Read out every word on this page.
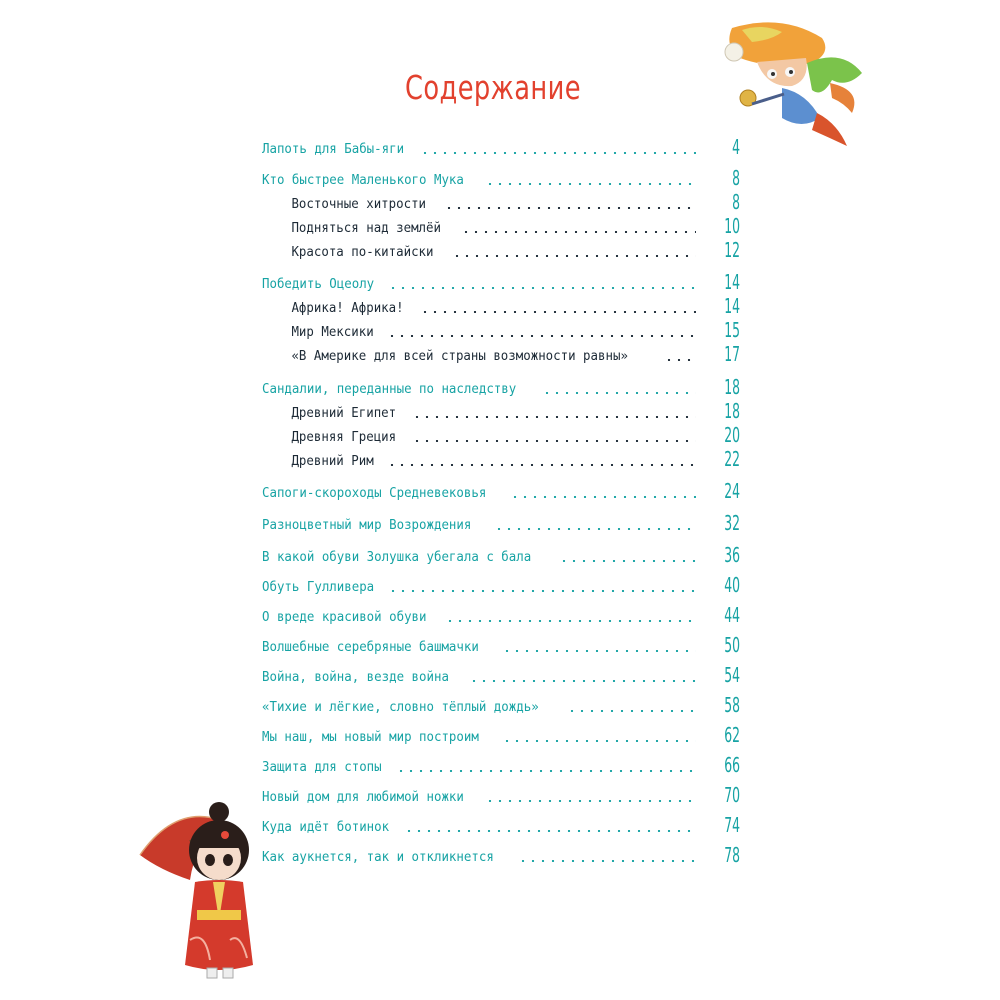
Содержание
Лапоть для Бабы-яги	4
Кто быстрее Маленького Мука	8
Восточные хитрости	8
Подняться над землёй	10
Красота по-китайски	12
Победить Оцеолу	14
Африка! Африка!	14
Мир Мексики	15
«В Америке для всей страны возможности равны»	17
Сандалии, переданные по наследству	18
Древний Египет	18
Древняя Греция	20
Древний Рим	22
Сапоги-скороходы Средневековья	24
Разноцветный мир Возрождения	32
В какой обуви Золушка убегала с бала	36
Обуть Гулливера	40
О вреде красивой обуви	44
Волшебные серебряные башмачки	50
Война, война, везде война	54
«Тихие и лёгкие, словно тёплый дождь»	58
Мы наш, мы новый мир построим	62
Защита для стопы	66
Новый дом для любимой ножки	70
Куда идёт ботинок	74
Как аукнется, так и откликнется	78
